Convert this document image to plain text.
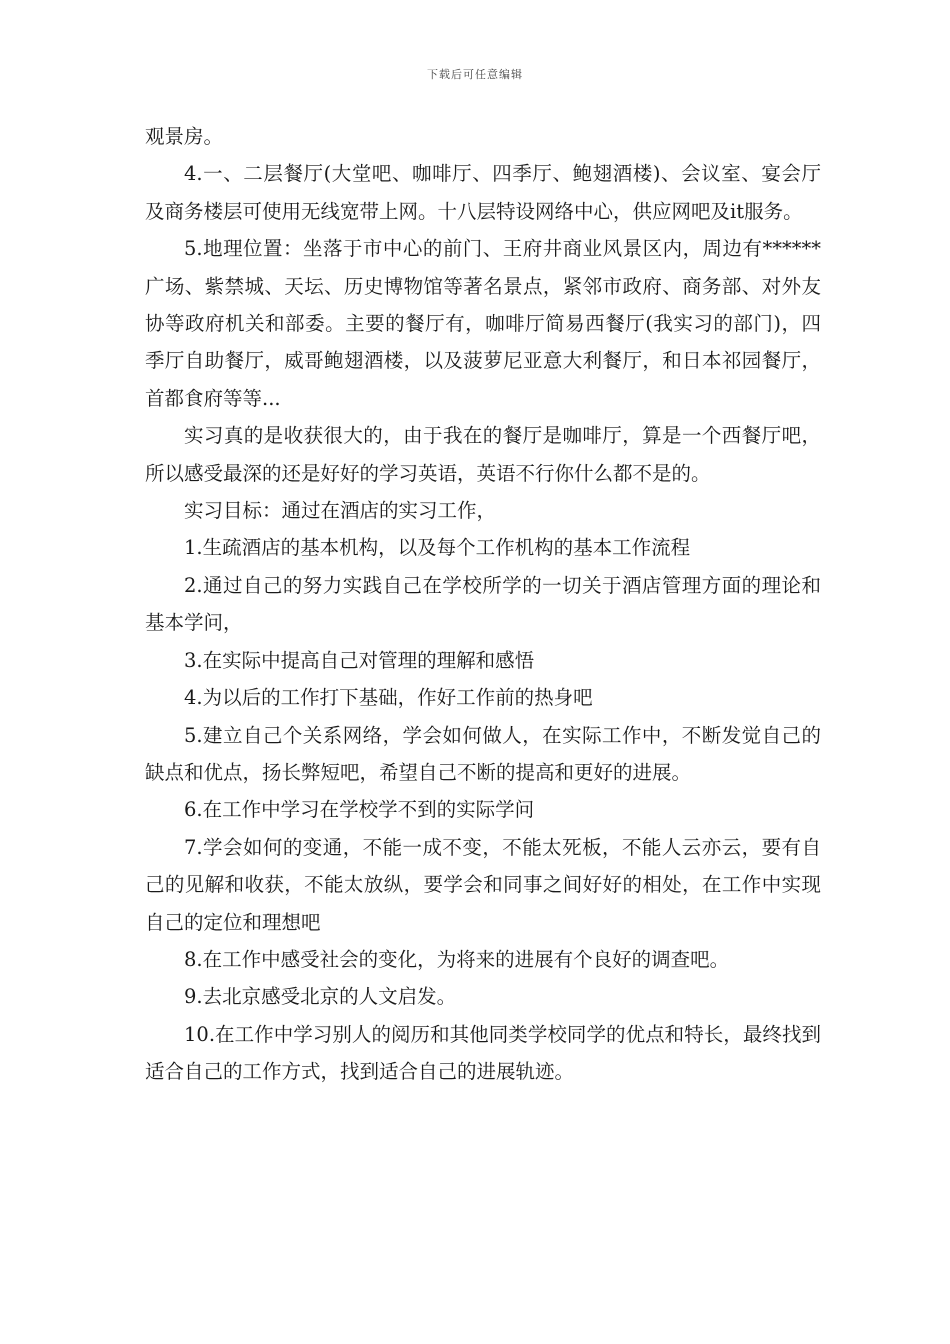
下载后可任意编辑

观景房。

4.一、二层餐厅(大堂吧、咖啡厅、四季厅、鲍翅酒楼)、会议室、宴会厅及商务楼层可使用无线宽带上网。十八层特设网络中心，供应网吧及it服务。

5.地理位置：坐落于市中心的前门、王府井商业风景区内，周边有******广场、紫禁城、天坛、历史博物馆等著名景点，紧邻市政府、商务部、对外友协等政府机关和部委。主要的餐厅有，咖啡厅简易西餐厅(我实习的部门)，四季厅自助餐厅，威哥鲍翅酒楼，以及菠萝尼亚意大利餐厅，和日本祁园餐厅，首都食府等等...

实习真的是收获很大的，由于我在的餐厅是咖啡厅，算是一个西餐厅吧，所以感受最深的还是好好的学习英语，英语不行你什么都不是的。

实习目标：通过在酒店的实习工作，

1.生疏酒店的基本机构，以及每个工作机构的基本工作流程

2.通过自己的努力实践自己在学校所学的一切关于酒店管理方面的理论和基本学问，

3.在实际中提高自己对管理的理解和感悟

4.为以后的工作打下基础，作好工作前的热身吧

5.建立自己个关系网络，学会如何做人，在实际工作中，不断发觉自己的缺点和优点，扬长弊短吧，希望自己不断的提高和更好的进展。

6.在工作中学习在学校学不到的实际学问

7.学会如何的变通，不能一成不变，不能太死板，不能人云亦云，要有自己的见解和收获，不能太放纵，要学会和同事之间好好的相处，在工作中实现自己的定位和理想吧

8.在工作中感受社会的变化，为将来的进展有个良好的调查吧。

9.去北京感受北京的人文启发。

10.在工作中学习别人的阅历和其他同类学校同学的优点和特长，最终找到适合自己的工作方式，找到适合自己的进展轨迹。
